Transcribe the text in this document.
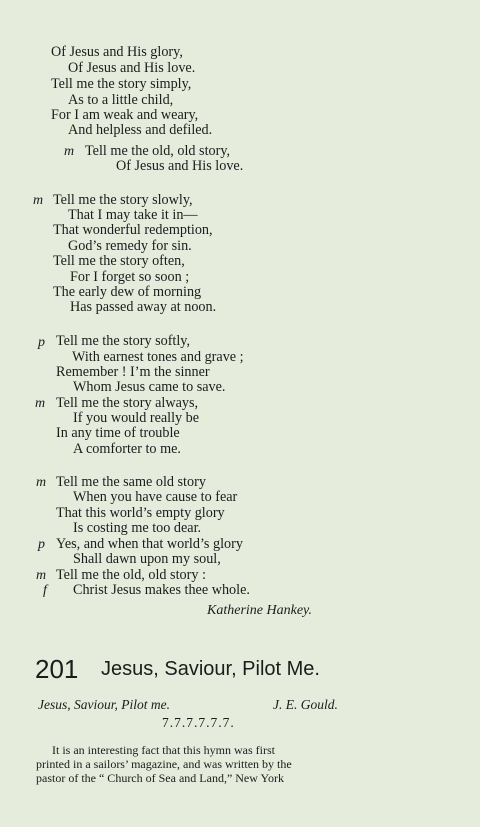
Of Jesus and His glory,
Of Jesus and His love.
Tell me the story simply,
As to a little child,
For I am weak and weary,
And helpless and defiled.
m Tell me the old, old story,
Of Jesus and His love.
m Tell me the story slowly,
That I may take it in—
That wonderful redemption,
God’s remedy for sin.
Tell me the story often,
For I forget so soon ;
The early dew of morning
Has passed away at noon.
p Tell me the story softly,
With earnest tones and grave ;
Remember ! I’m the sinner
Whom Jesus came to save.
m Tell me the story always,
If you would really be
In any time of trouble
A comforter to me.
m Tell me the same old story
When you have cause to fear
That this world’s empty glory
Is costing me too dear.
p Yes, and when that world’s glory
Shall dawn upon my soul,
m Tell me the old, old story :
f Christ Jesus makes thee whole.
Katherine Hankey.
201 Jesus, Saviour, Pilot Me.
Jesus, Saviour, Pilot me.	J. E. Gould.
7.7.7.7.7.7.
It is an interesting fact that this hymn was first
printed in a sailors’ magazine, and was written by the
pastor of the “ Church of Sea and Land,” New York
